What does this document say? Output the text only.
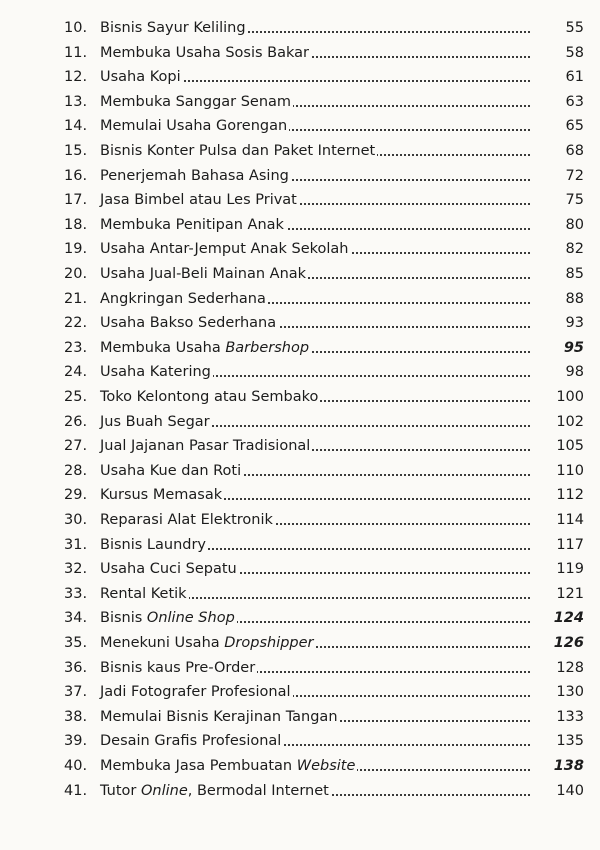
10. Bisnis Sayur Keliling	55
11. Membuka Usaha Sosis Bakar	58
12. Usaha Kopi	61
13. Membuka Sanggar Senam	63
14. Memulai Usaha Gorengan	65
15. Bisnis Konter Pulsa dan Paket Internet	68
16. Penerjemah Bahasa Asing	72
17. Jasa Bimbel atau Les Privat	75
18. Membuka Penitipan Anak	80
19. Usaha Antar-Jemput Anak Sekolah	82
20. Usaha Jual-Beli Mainan Anak	85
21. Angkringan Sederhana	88
22. Usaha Bakso Sederhana	93
23. Membuka Usaha Barbershop	95
24. Usaha Katering	98
25. Toko Kelontong atau Sembako	100
26. Jus Buah Segar	102
27. Jual Jajanan Pasar Tradisional	105
28. Usaha Kue dan Roti	110
29. Kursus Memasak	112
30. Reparasi Alat Elektronik	114
31. Bisnis Laundry	117
32. Usaha Cuci Sepatu	119
33. Rental Ketik	121
34. Bisnis Online Shop	124
35. Menekuni Usaha Dropshipper	126
36. Bisnis kaus Pre-Order	128
37. Jadi Fotografer Profesional	130
38. Memulai Bisnis Kerajinan Tangan	133
39. Desain Grafis Profesional	135
40. Membuka Jasa Pembuatan Website	138
41. Tutor Online, Bermodal Internet	140
